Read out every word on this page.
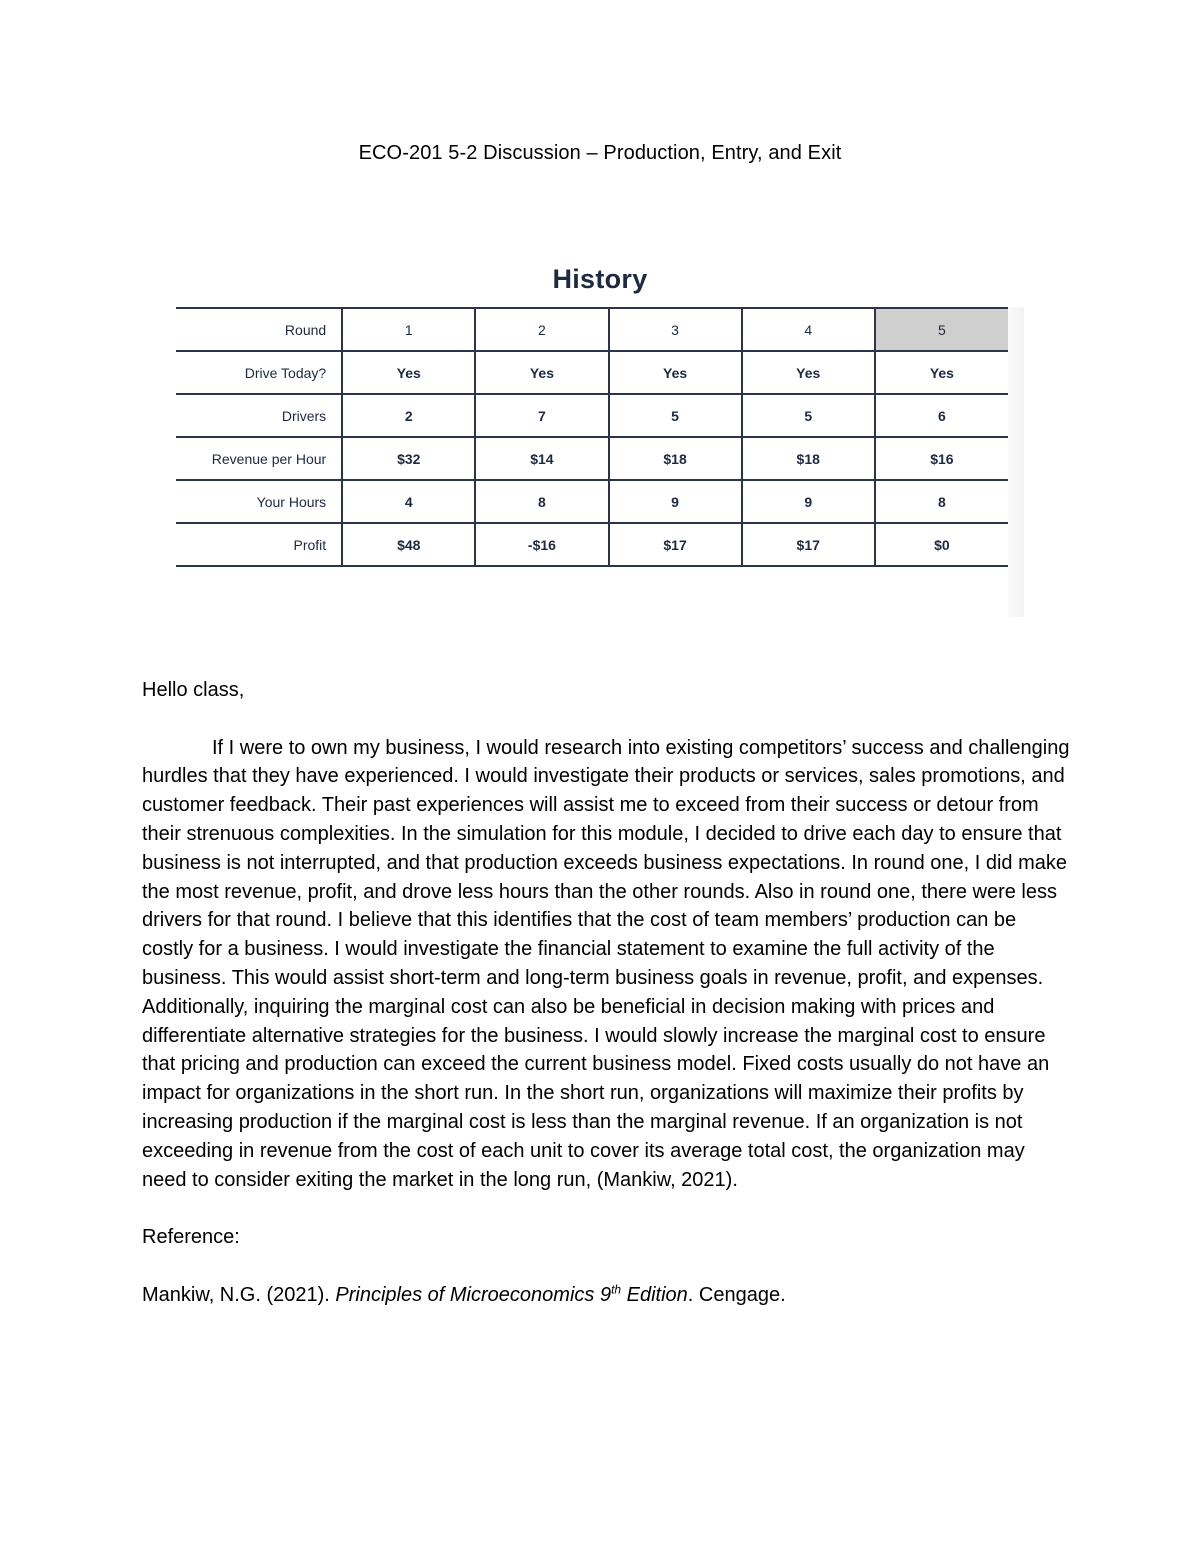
ECO-201 5-2 Discussion – Production, Entry, and Exit
History
Round	1	2	3	4	5
Drive Today?	Yes	Yes	Yes	Yes	Yes
Drivers	2	7	5	5	6
Revenue per Hour	$32	$14	$18	$18	$16
Your Hours	4	8	9	9	8
Profit	$48	-$16	$17	$17	$0

Hello class,

If I were to own my business, I would research into existing competitors’ success and challenging hurdles that they have experienced. I would investigate their products or services, sales promotions, and customer feedback. Their past experiences will assist me to exceed from their success or detour from their strenuous complexities. In the simulation for this module, I decided to drive each day to ensure that business is not interrupted, and that production exceeds business expectations. In round one, I did make the most revenue, profit, and drove less hours than the other rounds. Also in round one, there were less drivers for that round. I believe that this identifies that the cost of team members’ production can be costly for a business. I would investigate the financial statement to examine the full activity of the business. This would assist short-term and long-term business goals in revenue, profit, and expenses. Additionally, inquiring the marginal cost can also be beneficial in decision making with prices and differentiate alternative strategies for the business. I would slowly increase the marginal cost to ensure that pricing and production can exceed the current business model. Fixed costs usually do not have an impact for organizations in the short run. In the short run, organizations will maximize their profits by increasing production if the marginal cost is less than the marginal revenue. If an organization is not exceeding in revenue from the cost of each unit to cover its average total cost, the organization may need to consider exiting the market in the long run, (Mankiw, 2021).

Reference:

Mankiw, N.G. (2021). Principles of Microeconomics 9th Edition. Cengage.
